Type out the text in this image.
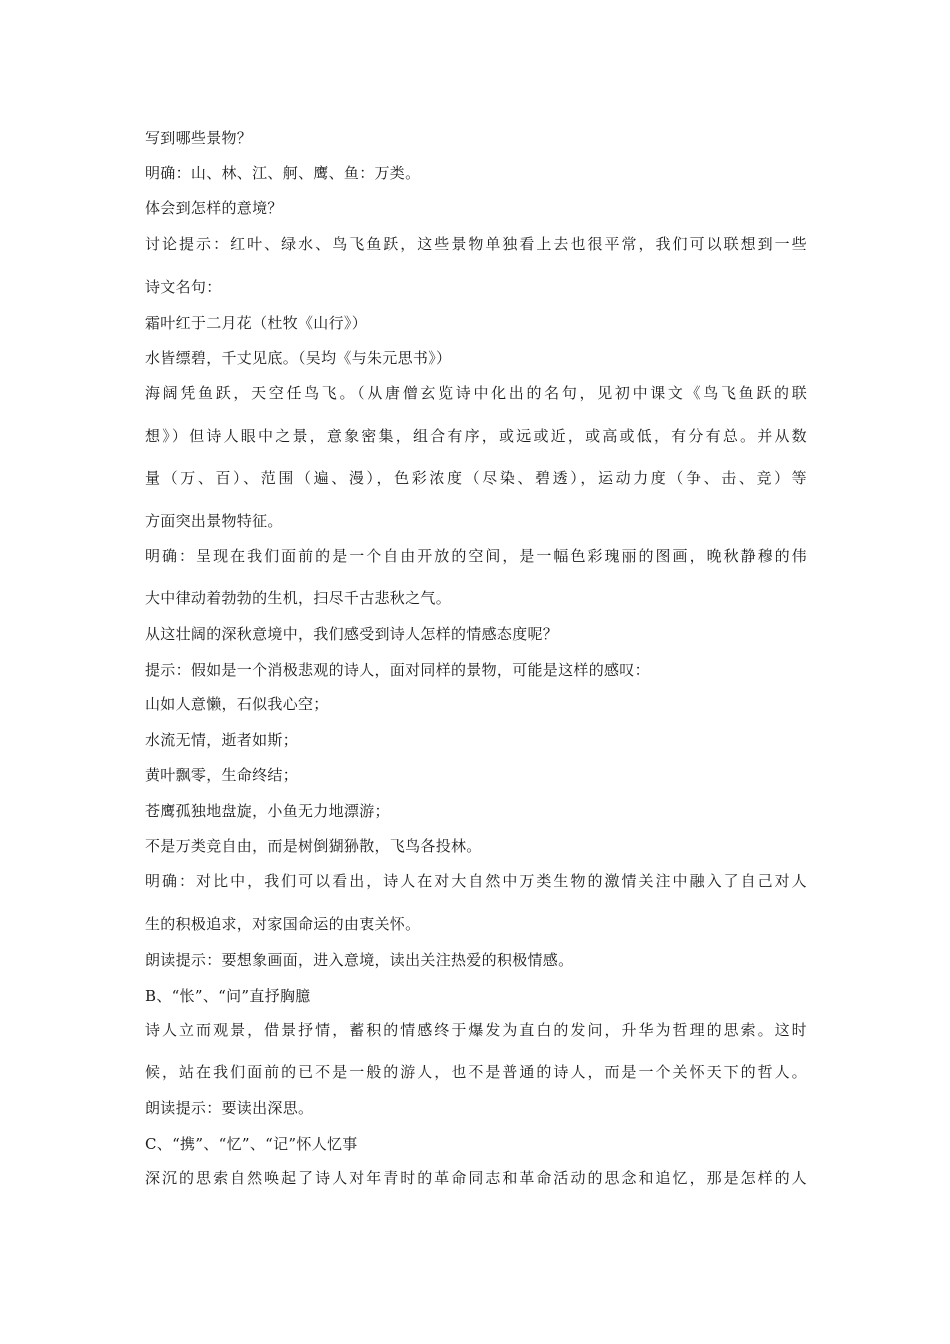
写到哪些景物？
明确：山、林、江、舸、鹰、鱼：万类。
体会到怎样的意境？
讨论提示：红叶、绿水、鸟飞鱼跃，这些景物单独看上去也很平常，我们可以联想到一些
诗文名句：
霜叶红于二月花（杜牧《山行》）
水皆缥碧，千丈见底。（吴均《与朱元思书》）
海阔凭鱼跃，天空任鸟飞。（从唐僧玄览诗中化出的名句，见初中课文《鸟飞鱼跃的联
想》）但诗人眼中之景，意象密集，组合有序，或远或近，或高或低，有分有总。并从数
量（万、百）、范围（遍、漫），色彩浓度（尽染、碧透），运动力度（争、击、竞）等
方面突出景物特征。
明确：呈现在我们面前的是一个自由开放的空间，是一幅色彩瑰丽的图画，晚秋静穆的伟
大中律动着勃勃的生机，扫尽千古悲秋之气。
从这壮阔的深秋意境中，我们感受到诗人怎样的情感态度呢？
提示：假如是一个消极悲观的诗人，面对同样的景物，可能是这样的感叹：
山如人意懒，石似我心空；
水流无情，逝者如斯；
黄叶飘零，生命终结；
苍鹰孤独地盘旋，小鱼无力地漂游；
不是万类竞自由，而是树倒猢狲散，飞鸟各投林。
明确：对比中，我们可以看出，诗人在对大自然中万类生物的激情关注中融入了自己对人
生的积极追求，对家国命运的由衷关怀。
朗读提示：要想象画面，进入意境，读出关注热爱的积极情感。
B、“怅”、“问”直抒胸臆
诗人立而观景，借景抒情，蓄积的情感终于爆发为直白的发问，升华为哲理的思索。这时
候，站在我们面前的已不是一般的游人，也不是普通的诗人，而是一个关怀天下的哲人。
朗读提示：要读出深思。
C、“携”、“忆”、“记”怀人忆事
深沉的思索自然唤起了诗人对年青时的革命同志和革命活动的思念和追忆，那是怎样的人
